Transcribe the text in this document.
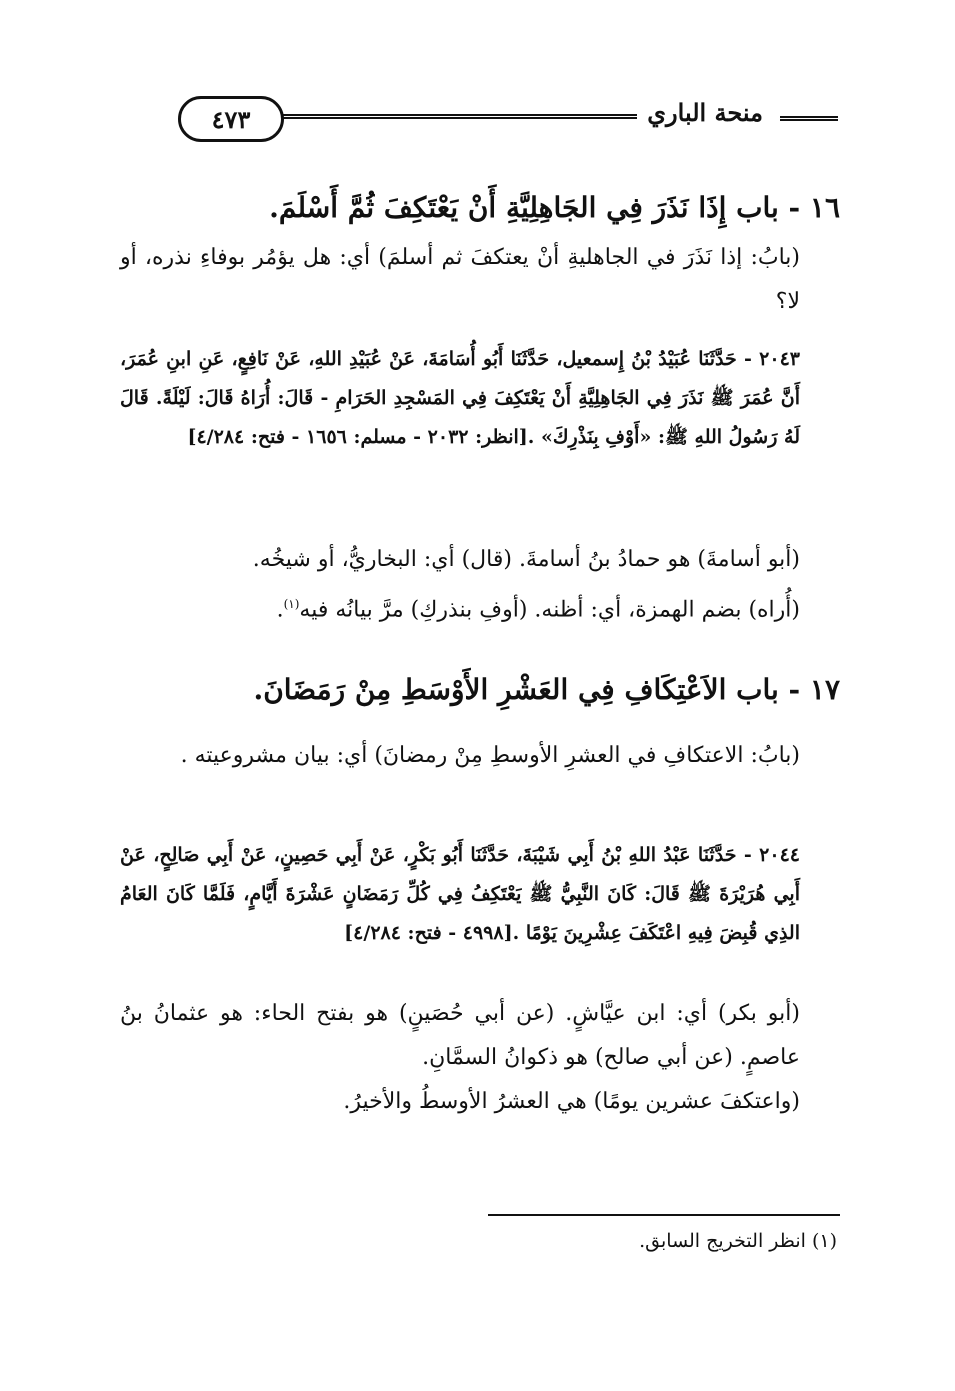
٤٧٣	منحة الباري
١٦ - باب إِذَا نَذَرَ فِي الجَاهِلِيَّةِ أَنْ يَعْتَكِفَ ثُمَّ أَسْلَمَ.
(بابُ: إذا نَذَرَ في الجاهليةِ أنْ يعتكفَ ثم أسلمَ) أي: هل يؤمُر بوفاءِ نذره، أو لا؟
٢٠٤٣ - حَدَّثَنَا عُبَيْدُ بْنُ إِسمعيل، حَدَّثَنَا أَبُو أُسَامَةَ، عَنْ عُبَيْدِ اللهِ، عَنْ نَافِعٍ، عَنِ ابنِ عُمَرَ، أَنَّ عُمَرَ ﷺ نَذَرَ فِي الجَاهِلِيَّةِ أَنْ يَعْتَكِفَ فِي المَسْجِدِ الحَرَامِ - قَالَ: أُرَاهُ قَالَ: لَيْلَةً. قَالَ لَهُ رَسُولُ اللهِ ﷺ: «أَوْفِ بِنَذْرِكَ» .[انظر: ٢٠٣٢ - مسلم: ١٦٥٦ - فتح: ٤/٢٨٤]
(أبو أسامةَ) هو حمادُ بنُ أسامةَ. (قال) أي: البخاريُّ، أو شيخُه.
(أُراه) بضم الهمزة، أي: أظنه. (أوفِ بنذركِ) مرَّ بيانُه فيه$^{(١)}$.
١٧ - باب الاَعْتِكَافِ فِي العَشْرِ الأَوْسَطِ مِنْ رَمَضَانَ.
(بابُ: الاعتكافِ في العشرِ الأوسطِ مِنْ رمضانَ) أي: بيان مشروعيته .
٢٠٤٤ - حَدَّثَنَا عَبْدُ اللهِ بْنُ أَبِي شَيْبَةَ، حَدَّثَنَا أَبُو بَكْرٍ، عَنْ أَبِي حَصِينٍ، عَنْ أَبِي صَالِحٍ، عَنْ أَبِي هُرَيْرَةَ ﷺ قَالَ: كَانَ النَّبِيُّ ﷺ يَعْتَكِفُ فِي كُلِّ رَمَضَانٍ عَشْرَةَ أَيَّامٍ، فَلَمَّا كَانَ العَامُ الذِي قُبِضَ فِيهِ اعْتَكَفَ عِشْرِينَ يَوْمًا .[٤٩٩٨ - فتح: ٤/٢٨٤]
(أبو بكر) أي: ابن عيَّاشٍ. (عن أبي حُصَينٍ) هو بفتح الحاء: هو عثمانُ بنُ عاصمٍ. (عن أبي صالح) هو ذكوانُ السمَّانِ.
(واعتكفَ عشرين يومًا) هي العشرُ الأوسطُ والأخيرُ.
(١) انظر التخريج السابق.
